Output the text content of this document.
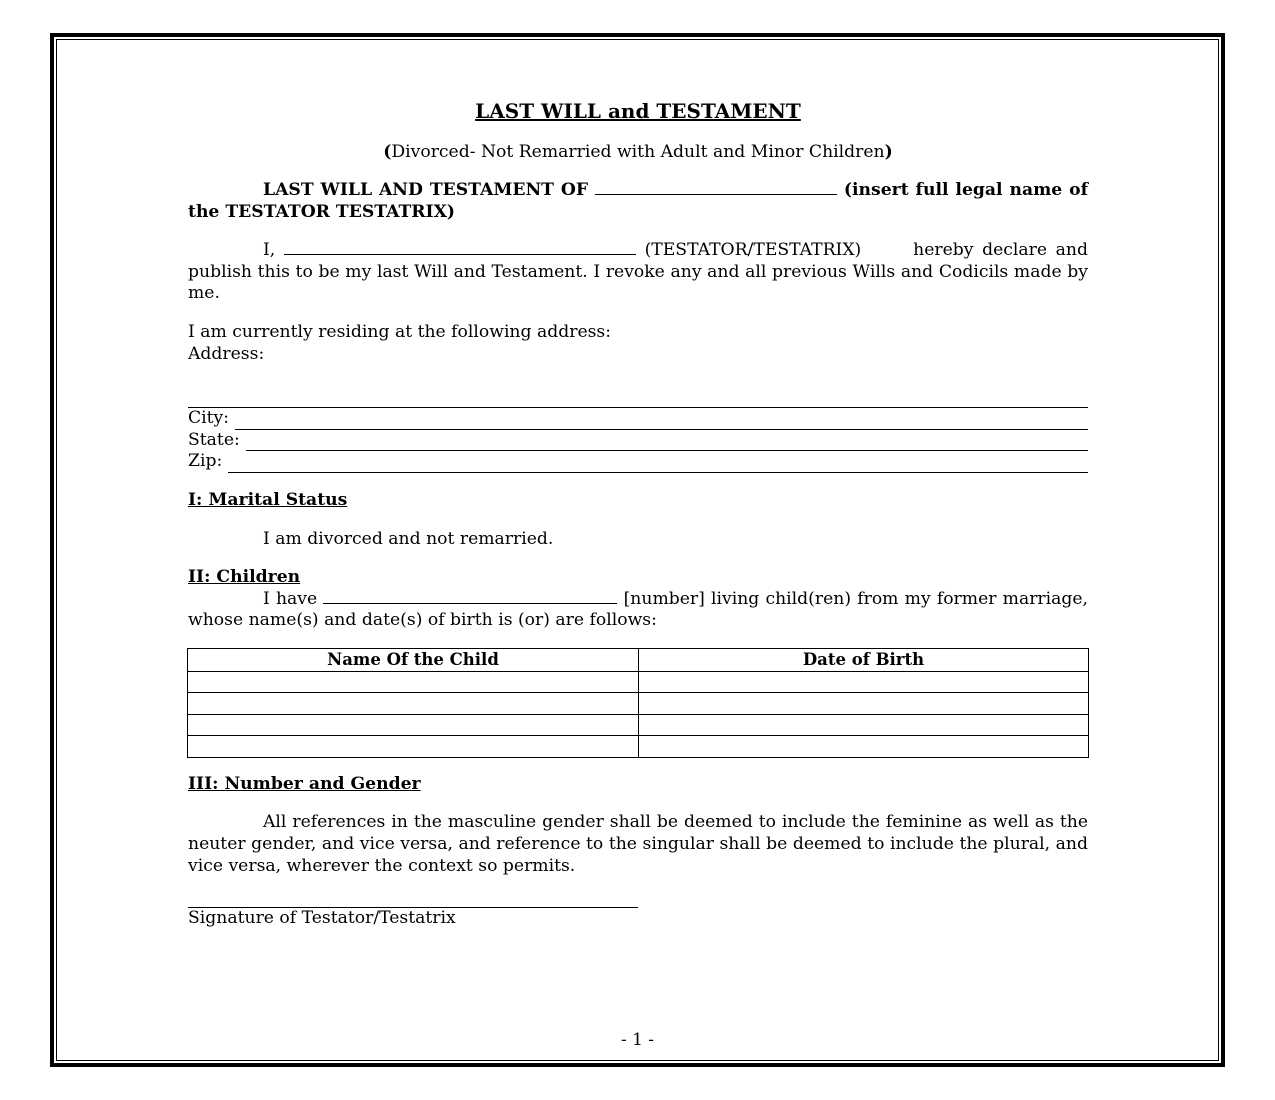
LAST WILL and TESTAMENT

(Divorced- Not Remarried with Adult and Minor Children)

LAST WILL AND TESTAMENT OF	(insert full legal name of the TESTATOR TESTATRIX)

I,	(TESTATOR/TESTATRIX)	hereby declare and publish this to be my last Will and Testament. I revoke any and all previous Wills and Codicils made by me.

I am currently residing at the following address:

Address:

City:
State:
Zip:

I: Marital Status

I am divorced and not remarried.

II: Children

I have	[number] living child(ren) from my former marriage, whose name(s) and date(s) of birth is (or) are follows:

Name Of the Child	Date of Birth

III: Number and Gender

All references in the masculine gender shall be deemed to include the feminine as well as the neuter gender, and vice versa, and reference to the singular shall be deemed to include the plural, and vice versa, wherever the context so permits.

Signature of Testator/Testatrix

- 1 -
